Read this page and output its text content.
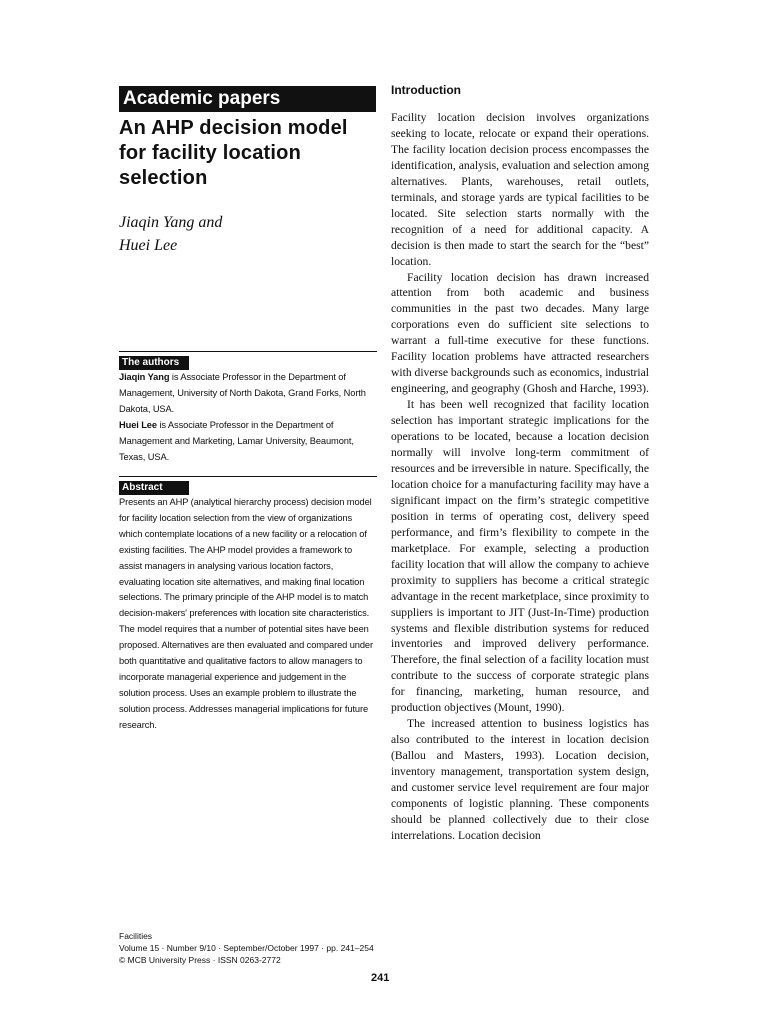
Academic papers
An AHP decision model for facility location selection
Jiaqin Yang and
Huei Lee
The authors
Jiaqin Yang is Associate Professor in the Department of Management, University of North Dakota, Grand Forks, North Dakota, USA.
Huei Lee is Associate Professor in the Department of Management and Marketing, Lamar University, Beaumont, Texas, USA.
Abstract
Presents an AHP (analytical hierarchy process) decision model for facility location selection from the view of organizations which contemplate locations of a new facility or a relocation of existing facilities. The AHP model provides a framework to assist managers in analysing various location factors, evaluating location site alternatives, and making final location selections. The primary principle of the AHP model is to match decision-makers' preferences with location site characteristics. The model requires that a number of potential sites have been proposed. Alternatives are then evaluated and compared under both quantitative and qualitative factors to allow managers to incorporate managerial experience and judgement in the solution process. Uses an example problem to illustrate the solution process. Addresses managerial implications for future research.
Facilities
Volume 15 · Number 9/10 · September/October 1997 · pp. 241–254
© MCB University Press · ISSN 0263-2772
Introduction

Facility location decision involves organizations seeking to locate, relocate or expand their operations. The facility location decision process encompasses the identification, analysis, evaluation and selection among alternatives. Plants, warehouses, retail outlets, terminals, and storage yards are typical facilities to be located. Site selection starts normally with the recognition of a need for additional capacity. A decision is then made to start the search for the “best” location.

Facility location decision has drawn increased attention from both academic and business communities in the past two decades. Many large corporations even do sufficient site selections to warrant a full-time executive for these functions. Facility location problems have attracted researchers with diverse backgrounds such as economics, industrial engineering, and geography (Ghosh and Harche, 1993).

It has been well recognized that facility location selection has important strategic implications for the operations to be located, because a location decision normally will involve long-term commitment of resources and be irreversible in nature. Specifically, the location choice for a manufacturing facility may have a significant impact on the firm’s strategic competitive position in terms of operating cost, delivery speed performance, and firm’s flexibility to compete in the marketplace. For example, selecting a production facility location that will allow the company to achieve proximity to suppliers has become a critical strategic advantage in the recent marketplace, since proximity to suppliers is important to JIT (Just-In-Time) production systems and flexible distribution systems for reduced inventories and improved delivery performance. Therefore, the final selection of a facility location must contribute to the success of corporate strategic plans for financing, marketing, human resource, and production objectives (Mount, 1990).

The increased attention to business logistics has also contributed to the interest in location decision (Ballou and Masters, 1993). Location decision, inventory management, transportation system design, and customer service level requirement are four major components of logistic planning. These components should be planned collectively due to their close interrelations. Location decision

241
